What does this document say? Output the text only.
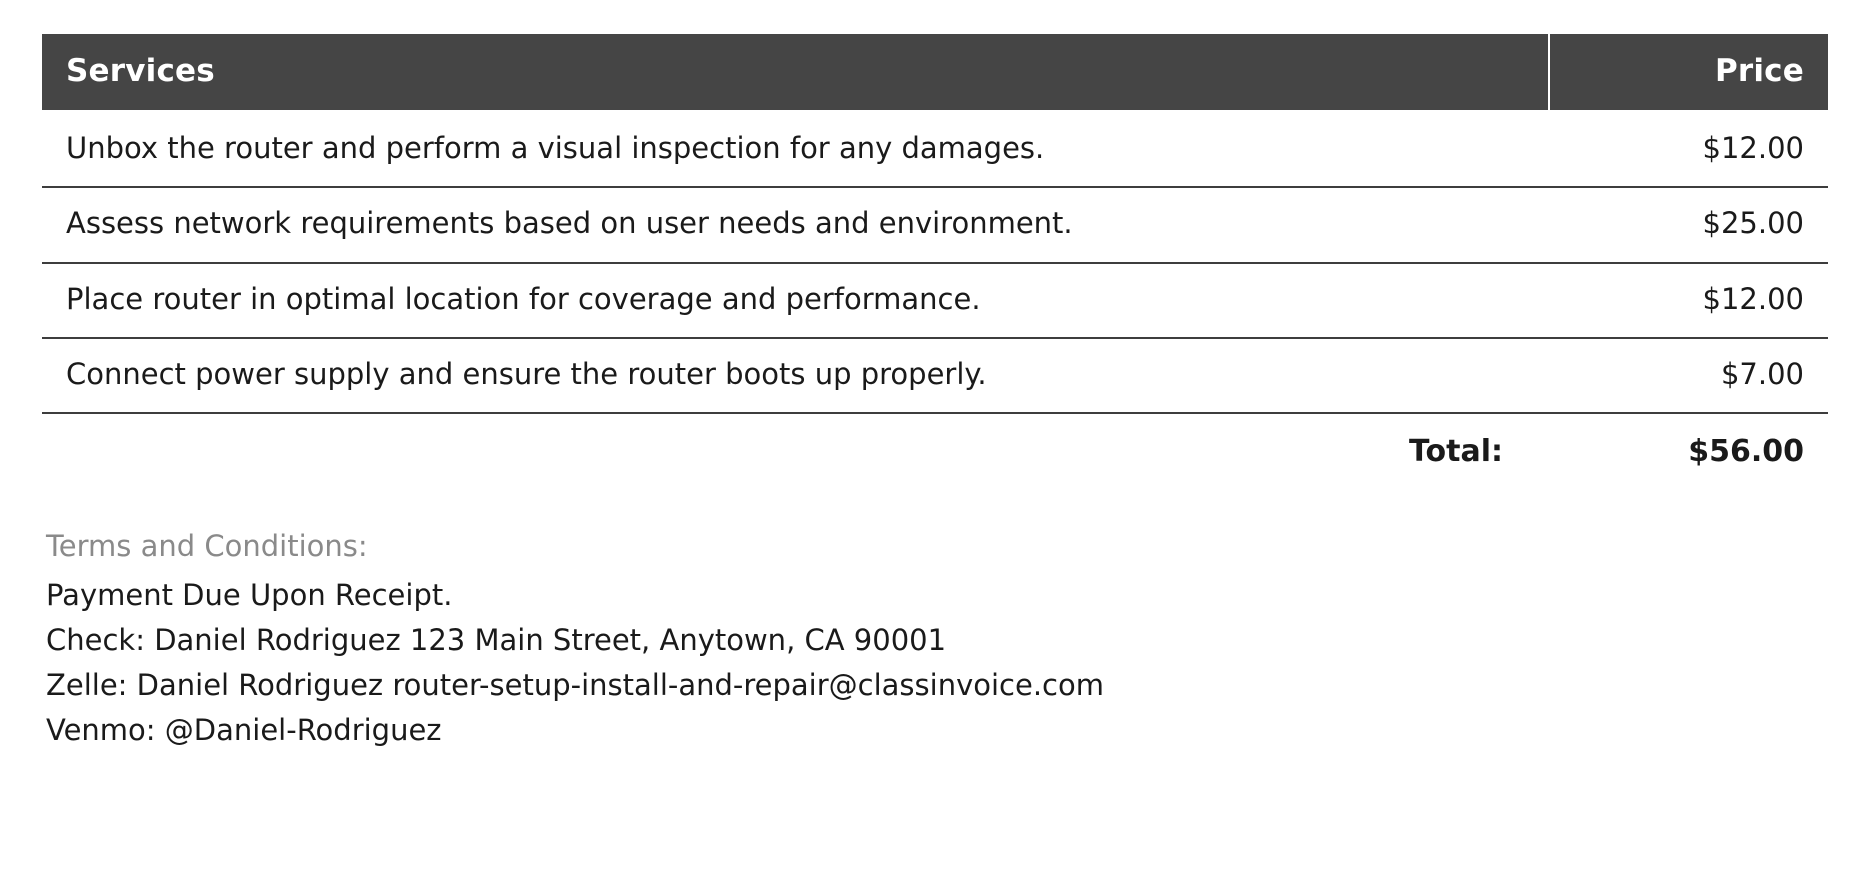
Services	Price
Unbox the router and perform a visual inspection for any damages.	$12.00
Assess network requirements based on user needs and environment.	$25.00
Place router in optimal location for coverage and performance.	$12.00
Connect power supply and ensure the router boots up properly.	$7.00
Total:	$56.00
Terms and Conditions:
Payment Due Upon Receipt.
Check: Daniel Rodriguez 123 Main Street, Anytown, CA 90001
Zelle: Daniel Rodriguez router-setup-install-and-repair@classinvoice.com
Venmo: @Daniel-Rodriguez
